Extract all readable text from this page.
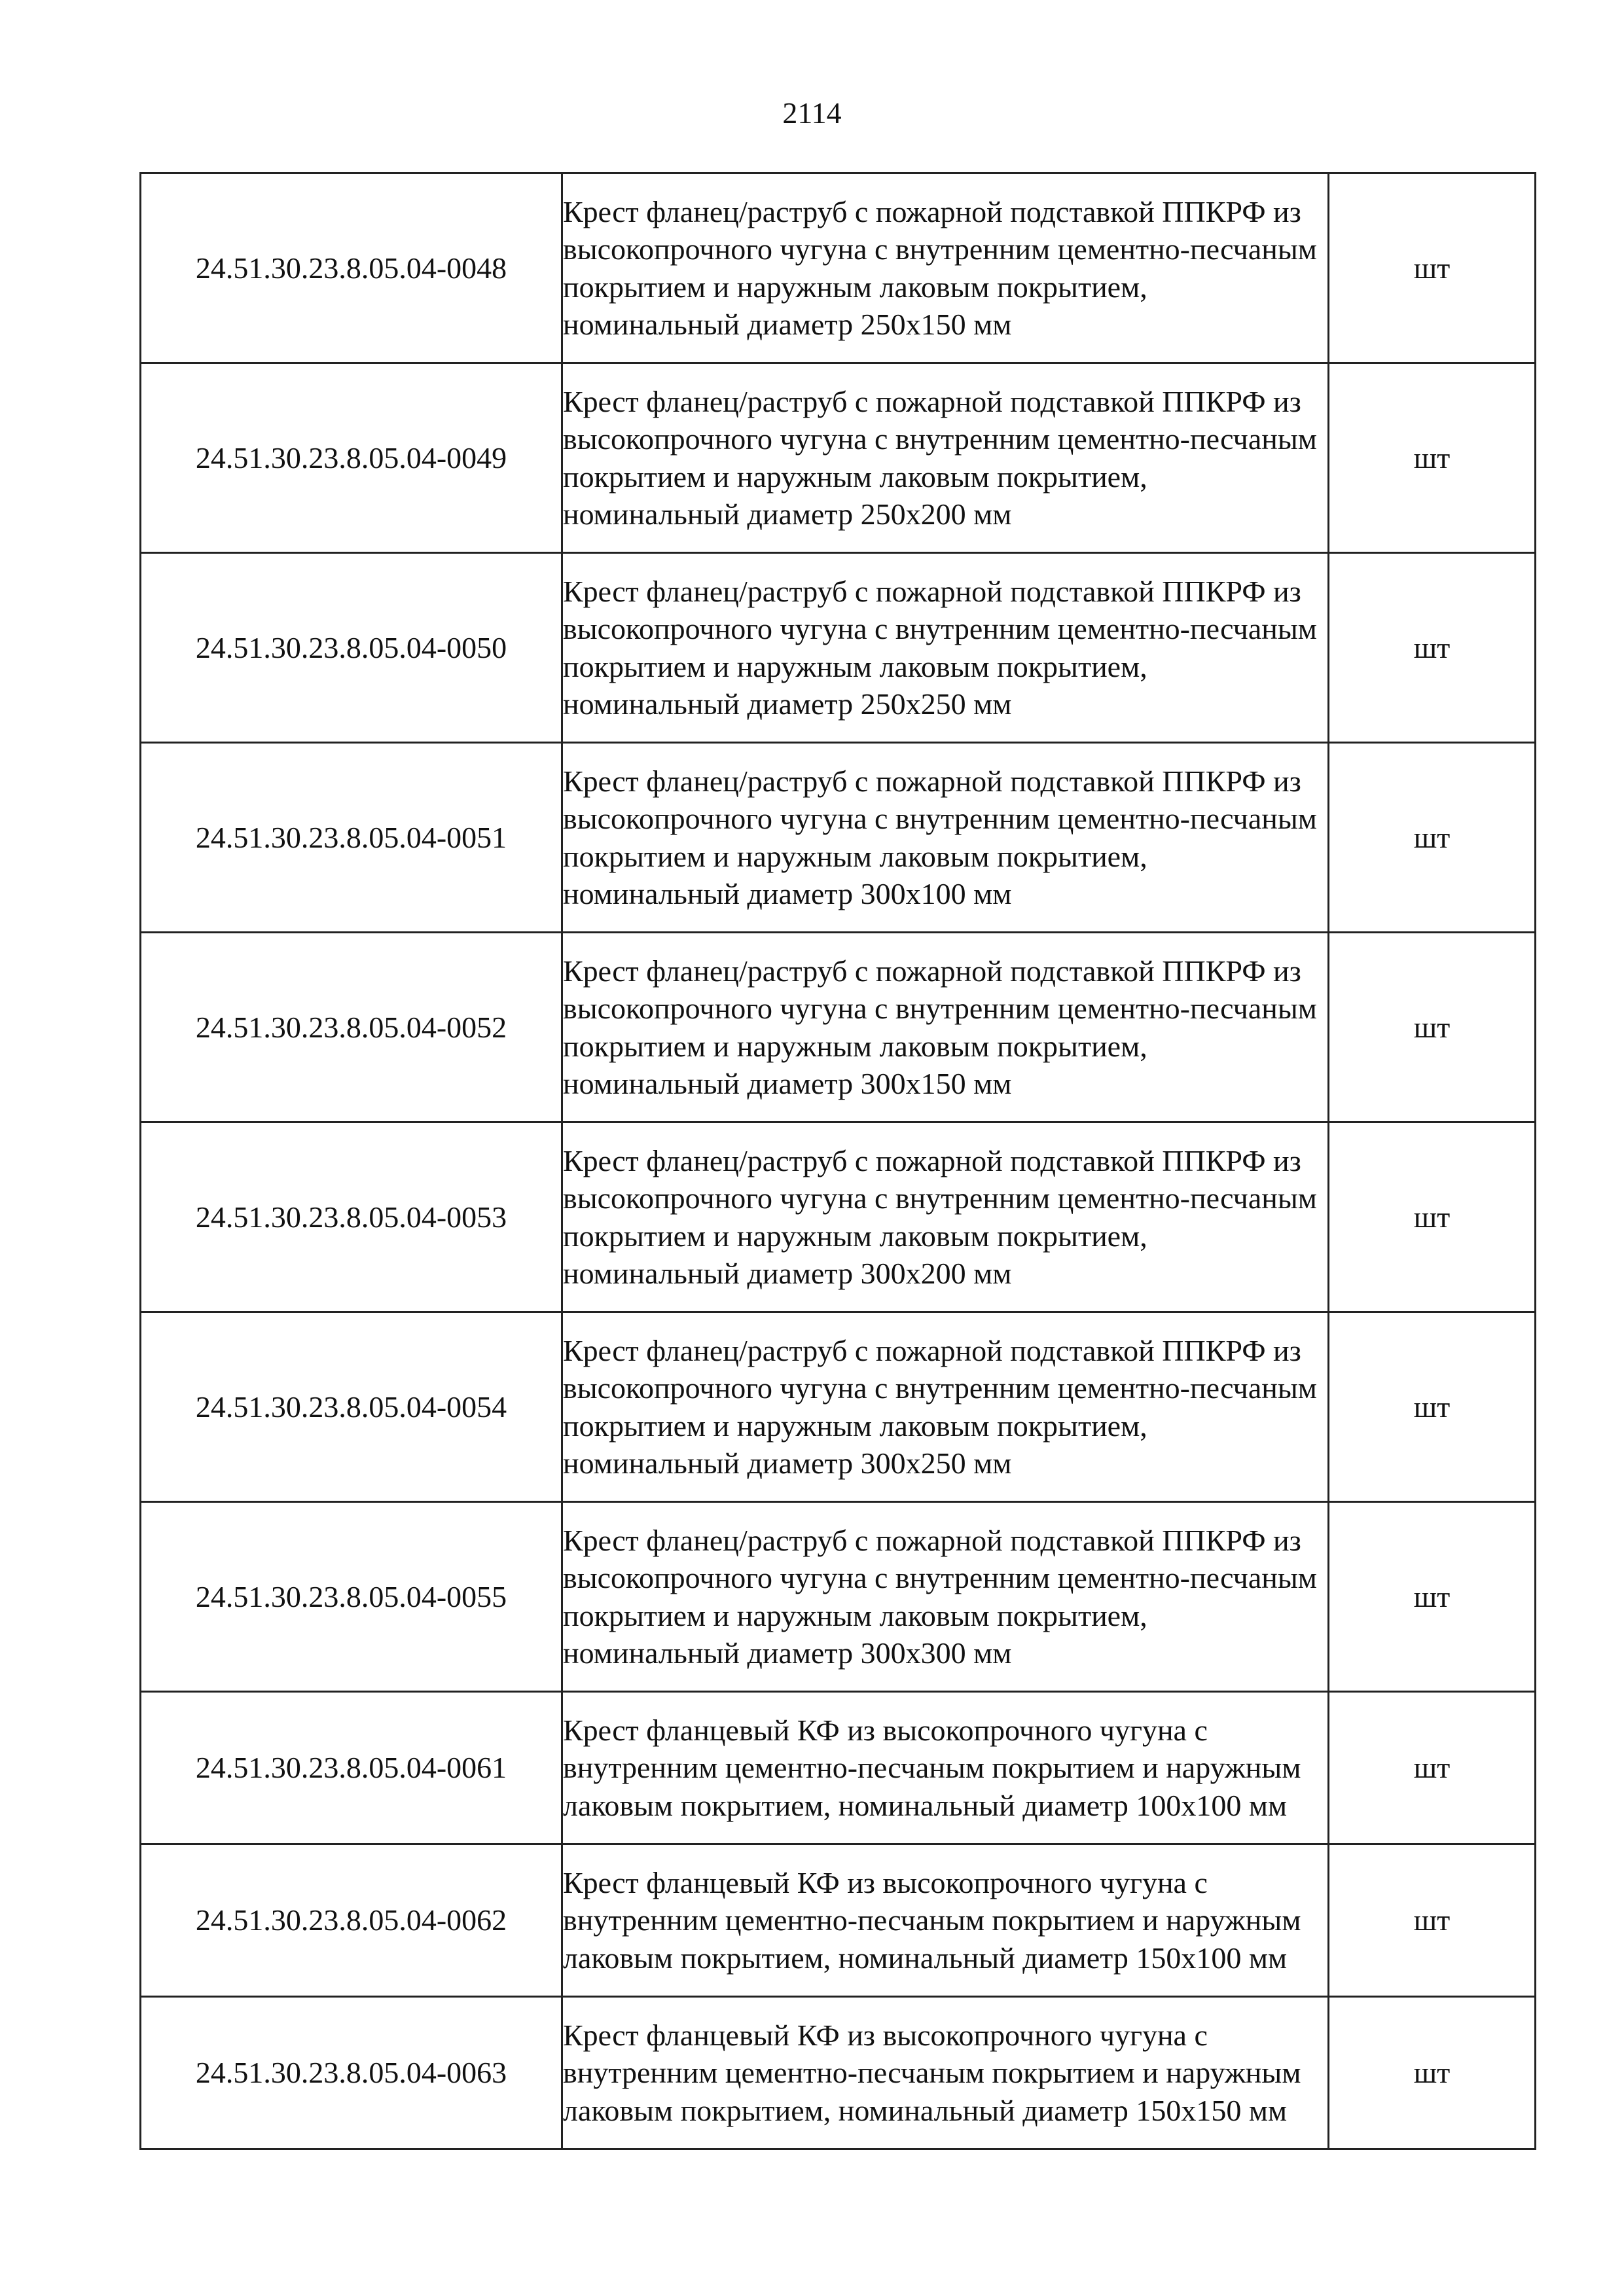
2114
24.51.30.23.8.05.04-0048	Крест фланец/раструб с пожарной подставкой ППКРФ из высокопрочного чугуна с внутренним цементно-песчаным покрытием и наружным лаковым покрытием, номинальный диаметр 250х150 мм	шт
24.51.30.23.8.05.04-0049	Крест фланец/раструб с пожарной подставкой ППКРФ из высокопрочного чугуна с внутренним цементно-песчаным покрытием и наружным лаковым покрытием, номинальный диаметр 250х200 мм	шт
24.51.30.23.8.05.04-0050	Крест фланец/раструб с пожарной подставкой ППКРФ из высокопрочного чугуна с внутренним цементно-песчаным покрытием и наружным лаковым покрытием, номинальный диаметр 250х250 мм	шт
24.51.30.23.8.05.04-0051	Крест фланец/раструб с пожарной подставкой ППКРФ из высокопрочного чугуна с внутренним цементно-песчаным покрытием и наружным лаковым покрытием, номинальный диаметр 300х100 мм	шт
24.51.30.23.8.05.04-0052	Крест фланец/раструб с пожарной подставкой ППКРФ из высокопрочного чугуна с внутренним цементно-песчаным покрытием и наружным лаковым покрытием, номинальный диаметр 300х150 мм	шт
24.51.30.23.8.05.04-0053	Крест фланец/раструб с пожарной подставкой ППКРФ из высокопрочного чугуна с внутренним цементно-песчаным покрытием и наружным лаковым покрытием, номинальный диаметр 300х200 мм	шт
24.51.30.23.8.05.04-0054	Крест фланец/раструб с пожарной подставкой ППКРФ из высокопрочного чугуна с внутренним цементно-песчаным покрытием и наружным лаковым покрытием, номинальный диаметр 300х250 мм	шт
24.51.30.23.8.05.04-0055	Крест фланец/раструб с пожарной подставкой ППКРФ из высокопрочного чугуна с внутренним цементно-песчаным покрытием и наружным лаковым покрытием, номинальный диаметр 300х300 мм	шт
24.51.30.23.8.05.04-0061	Крест фланцевый КФ из высокопрочного чугуна с внутренним цементно-песчаным покрытием и наружным лаковым покрытием, номинальный диаметр 100х100 мм	шт
24.51.30.23.8.05.04-0062	Крест фланцевый КФ из высокопрочного чугуна с внутренним цементно-песчаным покрытием и наружным лаковым покрытием, номинальный диаметр 150х100 мм	шт
24.51.30.23.8.05.04-0063	Крест фланцевый КФ из высокопрочного чугуна с внутренним цементно-песчаным покрытием и наружным лаковым покрытием, номинальный диаметр 150х150 мм	шт
